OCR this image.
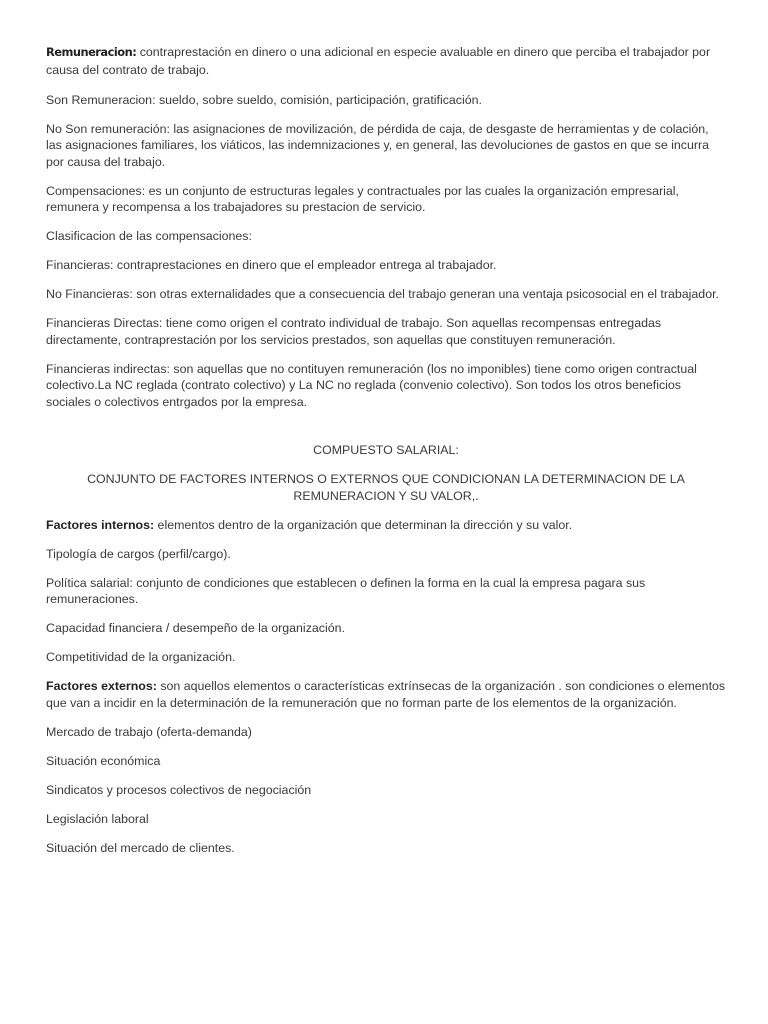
Remuneracion: contraprestación en dinero o una adicional en especie avaluable en dinero que perciba el trabajador por causa del contrato de trabajo.

Son Remuneracion: sueldo, sobre sueldo, comisión, participación, gratificación.

No Son remuneración: las asignaciones de movilización, de pérdida de caja, de desgaste de herramientas y de colación, las asignaciones familiares, los viáticos, las indemnizaciones y, en general, las devoluciones de gastos en que se incurra por causa del trabajo.

Compensaciones: es un conjunto de estructuras legales y contractuales por las cuales la organización empresarial, remunera y recompensa a los trabajadores su prestacion de servicio.

Clasificacion de las compensaciones:

Financieras: contraprestaciones en dinero que el empleador entrega al trabajador.

No Financieras: son otras externalidades que a consecuencia del trabajo generan una ventaja psicosocial en el trabajador.

Financieras Directas: tiene como origen el contrato individual de trabajo. Son aquellas recompensas entregadas directamente, contraprestación por los servicios prestados, son aquellas que constituyen remuneración.

Financieras indirectas: son aquellas que no contituyen remuneración (los no imponibles) tiene como origen contractual colectivo.La NC reglada (contrato colectivo) y La NC no reglada (convenio colectivo). Son todos los otros beneficios sociales o colectivos entrgados por la empresa.

COMPUESTO SALARIAL:

CONJUNTO DE FACTORES INTERNOS O EXTERNOS QUE CONDICIONAN LA DETERMINACION DE LA REMUNERACION Y SU VALOR,.

Factores internos: elementos dentro de la organización que determinan la dirección y su valor.

Tipología de cargos (perfil/cargo).

Política salarial: conjunto de condiciones que establecen o definen la forma en la cual la empresa pagara sus remuneraciones.

Capacidad financiera / desempeño de la organización.

Competitividad de la organización.

Factores externos: son aquellos elementos o características extrínsecas de la organización . son condiciones o elementos que van a incidir en la determinación de la remuneración que no forman parte de los elementos de la organización.

Mercado de trabajo (oferta-demanda)

Situación económica

Sindicatos y procesos colectivos de negociación

Legislación laboral

Situación del mercado de clientes.
